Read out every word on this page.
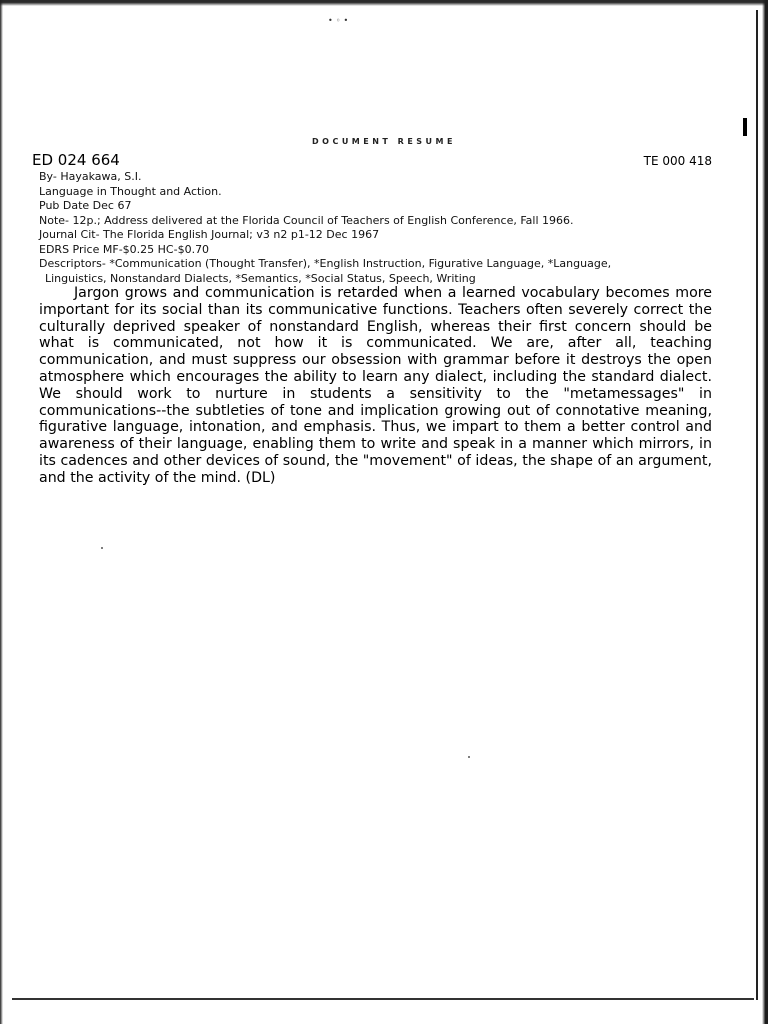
•◦•
DOCUMENT RESUME
ED 024 664	TE 000 418
By- Hayakawa, S.I.
Language in Thought and Action.
Pub Date Dec 67
Note- 12p.; Address delivered at the Florida Council of Teachers of English Conference, Fall 1966.
Journal Cit- The Florida English Journal; v3 n2 p1-12 Dec 1967
EDRS Price MF-$0.25 HC-$0.70
Descriptors- *Communication (Thought Transfer), *English Instruction, Figurative Language, *Language,
Linguistics, Nonstandard Dialects, *Semantics, *Social Status, Speech, Writing
Jargon grows and communication is retarded when a learned vocabulary becomes more important for its social than its communicative functions. Teachers often severely correct the culturally deprived speaker of nonstandard English, whereas their first concern should be what is communicated, not how it is communicated. We are, after all, teaching communication, and must suppress our obsession with grammar before it destroys the open atmosphere which encourages the ability to learn any dialect, including the standard dialect. We should work to nurture in students a sensitivity to the "metamessages" in communications--the subtleties of tone and implication growing out of connotative meaning, figurative language, intonation, and emphasis. Thus, we impart to them a better control and awareness of their language, enabling them to write and speak in a manner which mirrors, in its cadences and other devices of sound, the "movement" of ideas, the shape of an argument, and the activity of the mind. (DL)
